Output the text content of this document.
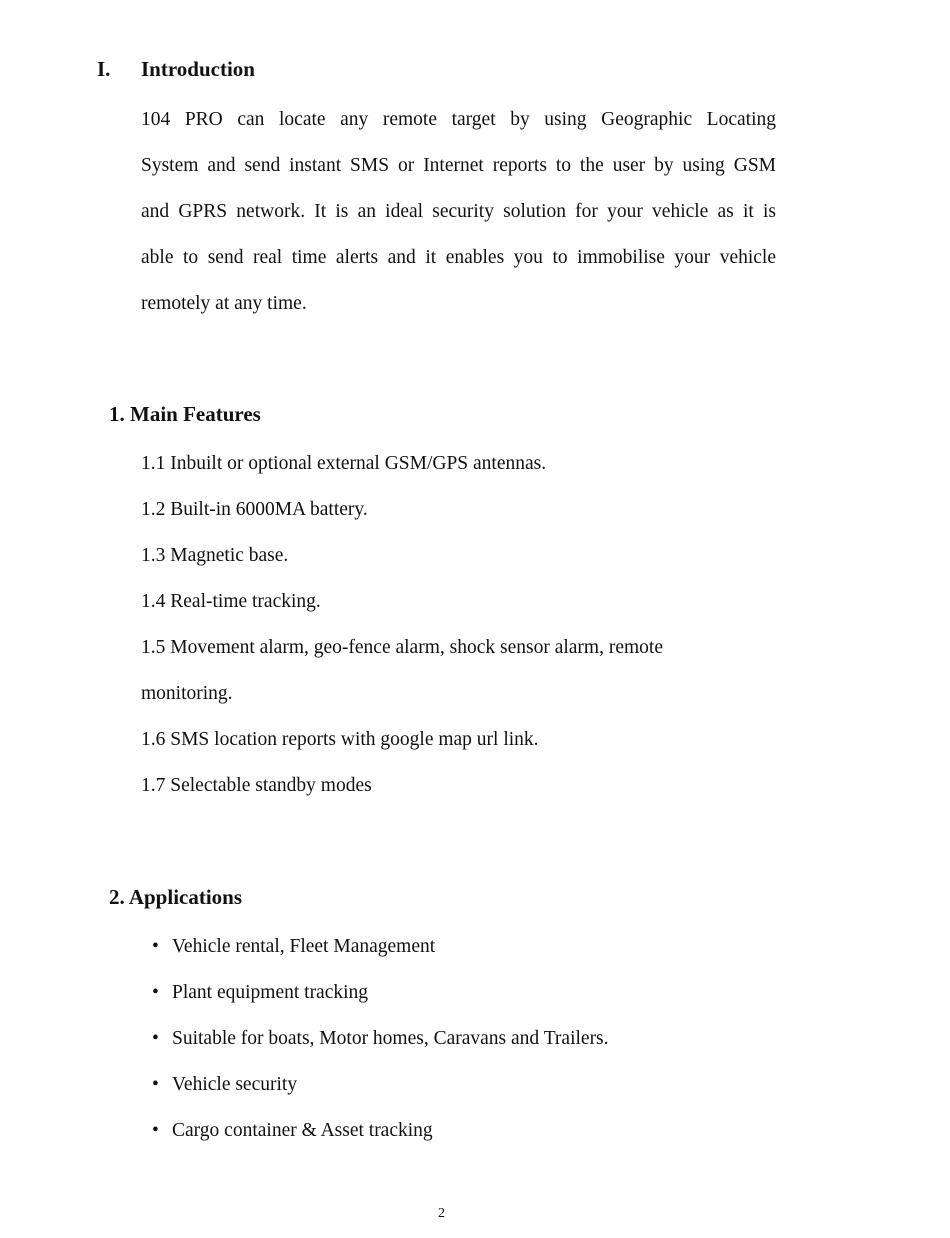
I. Introduction
104 PRO can locate any remote target by using Geographic Locating
System and send instant SMS or Internet reports to the user by using GSM
and GPRS network. It is an ideal security solution for your vehicle as it is
able to send real time alerts and it enables you to immobilise your vehicle
remotely at any time.
1. Main Features
1.1 Inbuilt or optional external GSM/GPS antennas.
1.2 Built-in 6000MA battery.
1.3 Magnetic base.
1.4 Real-time tracking.
1.5 Movement alarm, geo-fence alarm, shock sensor alarm, remote
monitoring.
1.6 SMS location reports with google map url link.
1.7 Selectable standby modes
2. Applications
• Vehicle rental, Fleet Management
• Plant equipment tracking
• Suitable for boats, Motor homes, Caravans and Trailers.
• Vehicle security
• Cargo container & Asset tracking
2
